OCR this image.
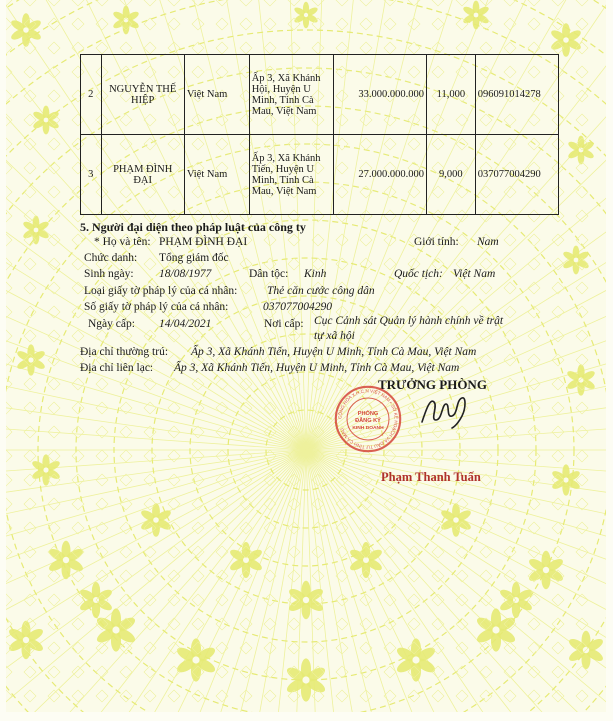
2	NGUYỄN THẾ HIỆP	Việt Nam	Ấp 3, Xã Khánh Hội, Huyện U Minh, Tỉnh Cà Mau, Việt Nam	33.000.000.000	11,000	096091014278
3	PHẠM ĐÌNH ĐẠI	Việt Nam	Ấp 3, Xã Khánh Tiến, Huyện U Minh, Tỉnh Cà Mau, Việt Nam	27.000.000.000	9,000	037077004290
5. Người đại diện theo pháp luật của công ty
* Họ và tên: PHẠM ĐÌNH ĐẠI	Giới tính: Nam
Chức danh: Tổng giám đốc
Sinh ngày: 18/08/1977	Dân tộc: Kinh	Quốc tịch: Việt Nam
Loại giấy tờ pháp lý của cá nhân:	Thẻ căn cước công dân
Số giấy tờ pháp lý của cá nhân:	037077004290
Ngày cấp: 14/04/2021	Nơi cấp: Cục Cảnh sát Quản lý hành chính về trật
tự xã hội
Địa chỉ thường trú: Ấp 3, Xã Khánh Tiến, Huyện U Minh, Tỉnh Cà Mau, Việt Nam
Địa chỉ liên lạc: Ấp 3, Xã Khánh Tiến, Huyện U Minh, Tỉnh Cà Mau, Việt Nam
TRƯỞNG PHÒNG
CỘNG HÒA X.H.C.N VIỆT NAM • SỞ KẾ HOẠCH VÀ ĐẦU TƯ TỈNH CÀ MAU
PHÒNG
ĐĂNG KÝ
KINH DOANH
Phạm Thanh Tuấn
